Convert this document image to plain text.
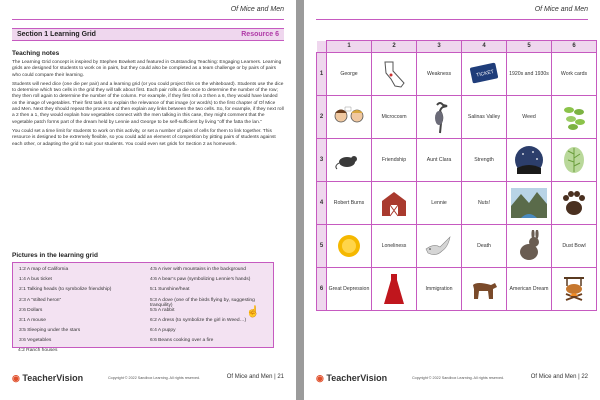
Of Mice and Men
Section 1 Learning Grid	Resource 6
Teaching notes

The Learning Grid concept is inspired by Stephen Bowkett and featured in Outstanding Teaching: Engaging Learners. Learning grids are designed for students to work on in pairs, but they could also be completed as a team challenge or by pairs of pairs who could compare their learning.

Students will need dice (one die per pair) and a learning grid (or you could project this on the whiteboard). Students use the dice to determine which two cells in the grid they will talk about first. Each pair rolls a die once to determine the number of the row; they then roll again to determine the number of the column. For example, if they first roll a 3 then a 6, they would have landed on the image of vegetables. Their first task is to explain the relevance of that image (or word/s) to the first chapter of Of Mice and Men. Next they should repeat the process and then explain any links between the two cells. So, for example, if they next roll a 2 then a 1, they would explain how vegetables connect with the men talking in this case, they might comment that the vegetable patch forms part of the dream held by Lennie and George to be self-sufficient by living “off the fatta the lan.”

You could set a time limit for students to work on this activity, or set a number of pairs of cells for them to link together. This resource is designed to be extremely flexible, so you could add an element of competition by pitting pairs of students against each other, or adapting the grid to suit your students. You could even set grids for Section 2 as homework.

Pictures in the learning grid
1:2 A map of California
1:4 A bus ticket
2:1 Talking heads (to symbolize friendship)
2:3 A “stilted heron”
2:6 Dollars
3:1 A mouse
3:5 Sleeping under the stars
3:6 Vegetables
4:5 A river with mountains in the background
4:6 A bear’s paw (symbolizing Lennie’s hands)
5:1 Sunshine/heat
5:3 A dove (one of the birds flying by, suggesting tranquility)
5:5 A rabbit
6:2 A dress (to symbolize the girl in Weed…)
6:4 A puppy
6:6 Beans cooking over a fire
4:2 Ranch houses
☝
◉ TeacherVision	Copyright © 2022 Sandbox Learning. All rights reserved.	Of Mice and Men | 21
Of Mice and Men
	1	2	3	4	5	6
1	George		Weakness	TICKET	1920s and 1930s	Work cards
2		Microcosm		Salinas Valley	Weed	

3		Friendship	Aunt Clara	Strength	

4	Robert Burns		Lennie	Nuts!	

5		Loneliness		Death		Dust Bowl
6	Great Depression		Immigration		American Dream	
◉ TeacherVision	Copyright © 2022 Sandbox Learning. All rights reserved.	Of Mice and Men | 22
